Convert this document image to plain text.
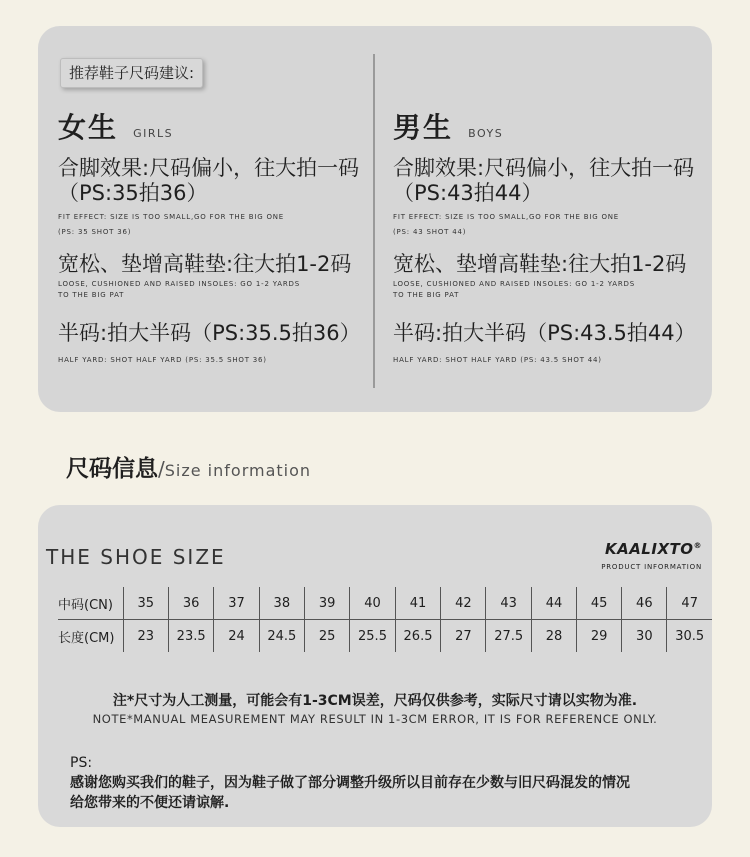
推荐鞋子尺码建议:
女生 GIRLS
合脚效果:尺码偏小，往大拍一码
（PS:35拍36）
FIT EFFECT: SIZE IS TOO SMALL,GO FOR THE BIG ONE
(PS: 35 SHOT 36)
宽松、垫增高鞋垫:往大拍1-2码
LOOSE, CUSHIONED AND RAISED INSOLES: GO 1-2 YARDS
TO THE BIG PAT
半码:拍大半码（PS:35.5拍36）
HALF YARD: SHOT HALF YARD (PS: 35.5 SHOT 36)
男生 BOYS
合脚效果:尺码偏小，往大拍一码
（PS:43拍44）
FIT EFFECT: SIZE IS TOO SMALL,GO FOR THE BIG ONE
(PS: 43 SHOT 44)
宽松、垫增高鞋垫:往大拍1-2码
LOOSE, CUSHIONED AND RAISED INSOLES: GO 1-2 YARDS
TO THE BIG PAT
半码:拍大半码（PS:43.5拍44）
HALF YARD: SHOT HALF YARD (PS: 43.5 SHOT 44)
尺码信息/Size information
THE SHOE SIZE	KAALIXTO®
PRODUCT INFORMATION
中码(CN)	35	36	37	38	39	40	41	42	43	44	45	46	47
长度(CM)	23	23.5	24	24.5	25	25.5	26.5	27	27.5	28	29	30	30.5
注*尺寸为人工测量，可能会有1-3CM误差，尺码仅供参考，实际尺寸请以实物为准.
NOTE*MANUAL MEASUREMENT MAY RESULT IN 1-3CM ERROR, IT IS FOR REFERENCE ONLY.
PS:
感谢您购买我们的鞋子，因为鞋子做了部分调整升级所以目前存在少数与旧尺码混发的情况
给您带来的不便还请谅解.
